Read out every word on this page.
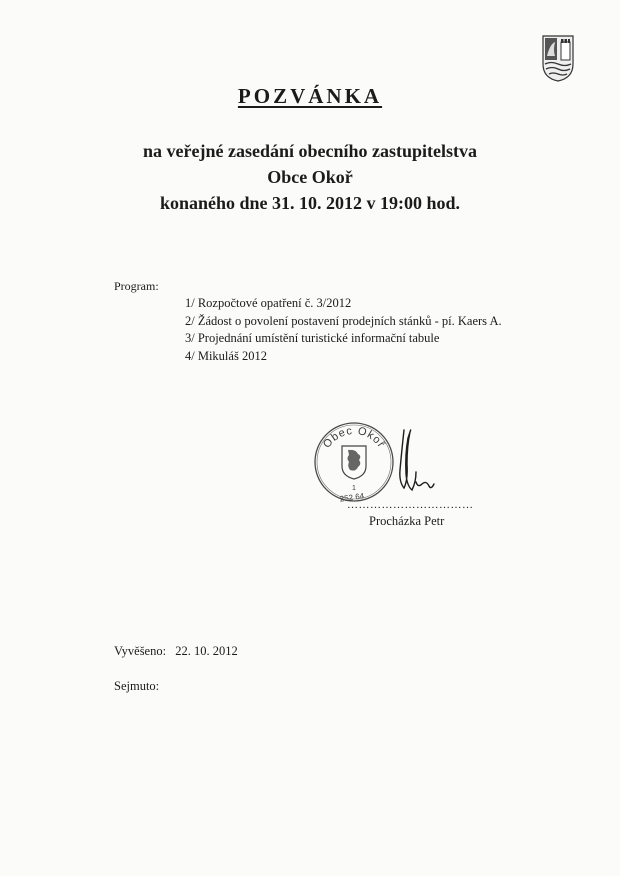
POZVÁNKA
na veřejné zasedání obecního zastupitelstva
Obce Okoř
konaného dne 31. 10. 2012 v 19:00 hod.
Program:
1/ Rozpočtové opatření č. 3/2012
2/ Žádost o povolení postavení prodejních stánků - pí. Kaers A.
3/ Projednání umístění turistické informační tabule
4/ Mikuláš 2012
Obec Okoř
1
252 64
……………………………
Procházka Petr
Vyvěšeno: 22. 10. 2012
Sejmuto:
